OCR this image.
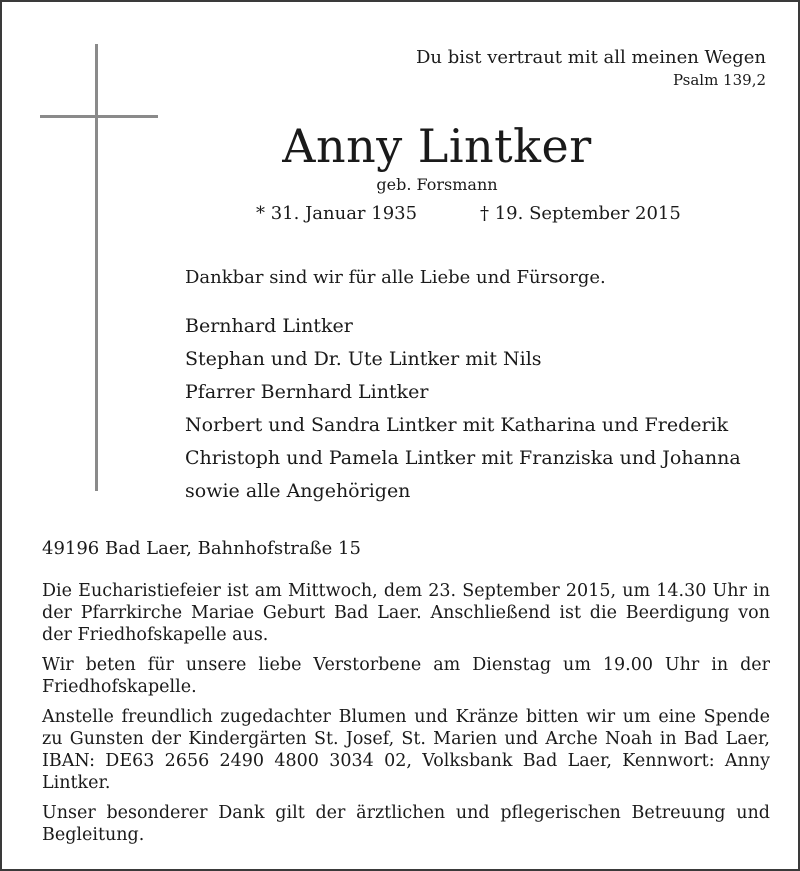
Du bist vertraut mit all meinen Wegen
Psalm 139,2
Anny Lintker
geb. Forsmann
* 31. Januar 1935	† 19. September 2015
Dankbar sind wir für alle Liebe und Fürsorge.
Bernhard Lintker
Stephan und Dr. Ute Lintker mit Nils
Pfarrer Bernhard Lintker
Norbert und Sandra Lintker mit Katharina und Frederik
Christoph und Pamela Lintker mit Franziska und Johanna
sowie alle Angehörigen
49196 Bad Laer, Bahnhofstraße 15

Die Eucharistiefeier ist am Mittwoch, dem 23. September 2015, um 14.30 Uhr in der Pfarrkirche Mariae Geburt Bad Laer. Anschließend ist die Beerdigung von der Friedhofskapelle aus.

Wir beten für unsere liebe Verstorbene am Dienstag um 19.00 Uhr in der Friedhofskapelle.

Anstelle freundlich zugedachter Blumen und Kränze bitten wir um eine Spende zu Gunsten der Kindergärten St. Josef, St. Marien und Arche Noah in Bad Laer, IBAN: DE63 2656 2490 4800 3034 02, Volksbank Bad Laer, Kennwort: Anny Lintker.

Unser besonderer Dank gilt der ärztlichen und pflegerischen Betreuung und Begleitung.
